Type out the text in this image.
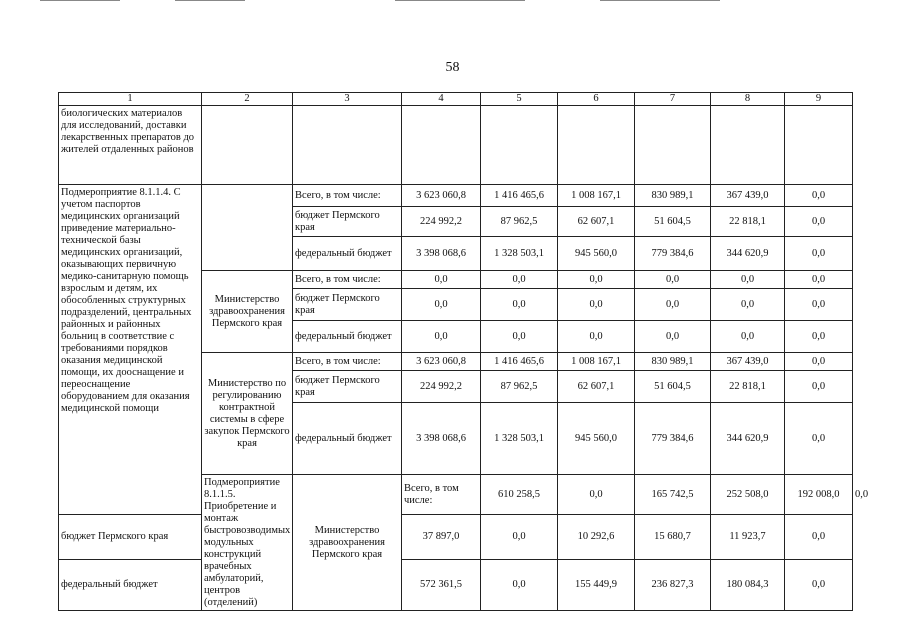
58
1	2	3	4	5	6	7	8	9	
биологических материалов для исследований, доставки лекарственных препаратов до жителей отдаленных районов									
Подмероприятие 8.1.1.4. С учетом паспортов медицинских организаций приведение материально-технической базы медицинских организаций, оказывающих первичную медико-санитарную помощь взрослым и детям, их обособленных структурных подразделений, центральных районных и районных больниц в соответствие с требованиями порядков оказания медицинской помощи, их дооснащение и переоснащение оборудованием для оказания медицинской помощи		Всего, в том числе:	3 623 060,8	1 416 465,6	1 008 167,1	830 989,1	367 439,0	0,0	
		бюджет Пермского края	224 992,2	87 962,5	62 607,1	51 604,5	22 818,1	0,0	
		федеральный бюджет	3 398 068,6	1 328 503,1	945 560,0	779 384,6	344 620,9	0,0	
	Министерство здравоохранения Пермского края	Всего, в том числе:	0,0	0,0	0,0	0,0	0,0	0,0	
		бюджет Пермского края	0,0	0,0	0,0	0,0	0,0	0,0	
		федеральный бюджет	0,0	0,0	0,0	0,0	0,0	0,0	
	Министерство по регулированию контрактной системы в сфере закупок Пермского края	Всего, в том числе:	3 623 060,8	1 416 465,6	1 008 167,1	830 989,1	367 439,0	0,0	
		бюджет Пермского края	224 992,2	87 962,5	62 607,1	51 604,5	22 818,1	0,0	
		федеральный бюджет	3 398 068,6	1 328 503,1	945 560,0	779 384,6	344 620,9	0,0	
	Подмероприятие 8.1.1.5. Приобретение и монтаж быстровозводимых модульных конструкций врачебных амбулаторий, центров (отделений)	Министерство здравоохранения Пермского края	Всего, в том числе:	610 258,5	0,0	165 742,5	252 508,0	192 008,0	0,0
бюджет Пермского края			37 897,0	0,0	10 292,6	15 680,7	11 923,7	0,0	
федеральный бюджет			572 361,5	0,0	155 449,9	236 827,3	180 084,3	0,0	
